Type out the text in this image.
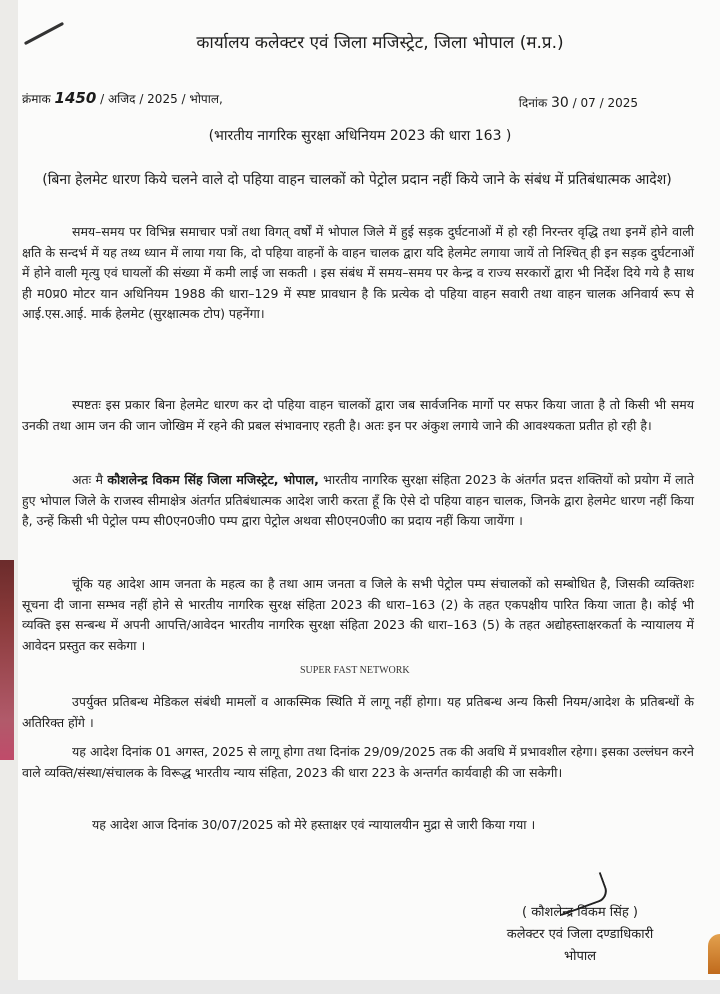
कार्यालय कलेक्टर एवं जिला मजिस्ट्रेट, जिला भोपाल (म.प्र.)
क्रंमाक 1450 / अजिद / 2025 / भोपाल,	दिनांक 30 / 07 / 2025
(भारतीय नागरिक सुरक्षा अधिनियम 2023 की धारा 163 )
(बिना हेलमेट धारण किये चलने वाले दो पहिया वाहन चालकों को पेट्रोल प्रदान नहीं किये जाने के संबंध में प्रतिबंधात्मक आदेश)

समय–समय पर विभिन्न समाचार पत्रों तथा विगत् वर्षों में भोपाल जिले में हुई सड़क दुर्घटनाओं में हो रही निरन्तर वृद्धि तथा इनमें होने वाली क्षति के सन्दर्भ में यह तथ्य ध्यान में लाया गया कि, दो पहिया वाहनों के वाहन चालक द्वारा यदि हेलमेट लगाया जायें तो निश्चित् ही इन सड़क दुर्घटनाओं में होने वाली मृत्यु एवं घायलों की संख्या में कमी लाई जा सकती । इस संबंध में समय–समय पर केन्द्र व राज्य सरकारों द्वारा भी निर्देश दिये गये है साथ ही म0प्र0 मोटर यान अधिनियम 1988 की धारा–129 में स्पष्ट प्रावधान है कि प्रत्येक दो पहिया वाहन सवारी तथा वाहन चालक अनिवार्य रूप से आई.एस.आई. मार्क हेलमेट (सुरक्षात्मक टोप) पहनेंगा।

स्पष्टतः इस प्रकार बिना हेलमेट धारण कर दो पहिया वाहन चालकों द्वारा जब सार्वजनिक मार्गो पर सफर किया जाता है तो किसी भी समय उनकी तथा आम जन की जान जोखिम में रहने की प्रबल संभावनाए रहती है। अतः इन पर अंकुश लगाये जाने की आवश्यकता प्रतीत हो रही है।

अतः मै कौशलेन्द्र विकम सिंह जिला मजिस्ट्रेट, भोपाल, भारतीय नागरिक सुरक्षा संहिता 2023 के अंतर्गत प्रदत्त शक्तियों को प्रयोग में लाते हुए भोपाल जिले के राजस्व सीमाक्षेत्र अंतर्गत प्रतिबंधात्मक आदेश जारी करता हूँ कि ऐसे दो पहिया वाहन चालक, जिनके द्वारा हेलमेट धारण नहीं किया है, उन्हें किसी भी पेट्रोल पम्प सी0एन0जी0 पम्प द्वारा पेट्रोल अथवा सी0एन0जी0 का प्रदाय नहीं किया जायेंगा ।

चूंकि यह आदेश आम जनता के महत्व का है तथा आम जनता व जिले के सभी पेट्रोल पम्प संचालकों को सम्बोधित है, जिसकी व्यक्तिशः सूचना दी जाना सम्भव नहीं होने से भारतीय नागरिक सुरक्ष संहिता 2023 की धारा–163 (2) के तहत एकपक्षीय पारित किया जाता है। कोई भी व्यक्ति इस सन्बन्ध में अपनी आपत्ति/आवेदन भारतीय नागरिक सुरक्षा संहिता 2023 की धारा–163 (5) के तहत अद्योहस्ताक्षरकर्ता के न्यायालय में आवेदन प्रस्तुत कर सकेगा ।

SUPER FAST NETWORK

उपर्युक्त प्रतिबन्ध मेडिकल संबंधी मामलों व आकस्मिक स्थिति में लागू नहीं होगा। यह प्रतिबन्ध अन्य किसी नियम/आदेश के प्रतिबन्धों के अतिरिक्त होंगे ।

यह आदेश दिनांक 01 अगस्त, 2025 से लागू होगा तथा दिनांक 29/09/2025 तक की अवधि में प्रभावशील रहेगा। इसका उल्लंघन करने वाले व्यक्ति/संस्था/संचालक के विरूद्ध भारतीय न्याय संहिता, 2023 की धारा 223 के अन्तर्गत कार्यवाही की जा सकेगी।

यह आदेश आज दिनांक 30/07/2025 को मेरे हस्ताक्षर एवं न्यायालयीन मुद्रा से जारी किया गया ।

( कौशलेन्द्र विकम सिंह )
कलेक्टर एवं जिला दण्डाधिकारी
भोपाल
